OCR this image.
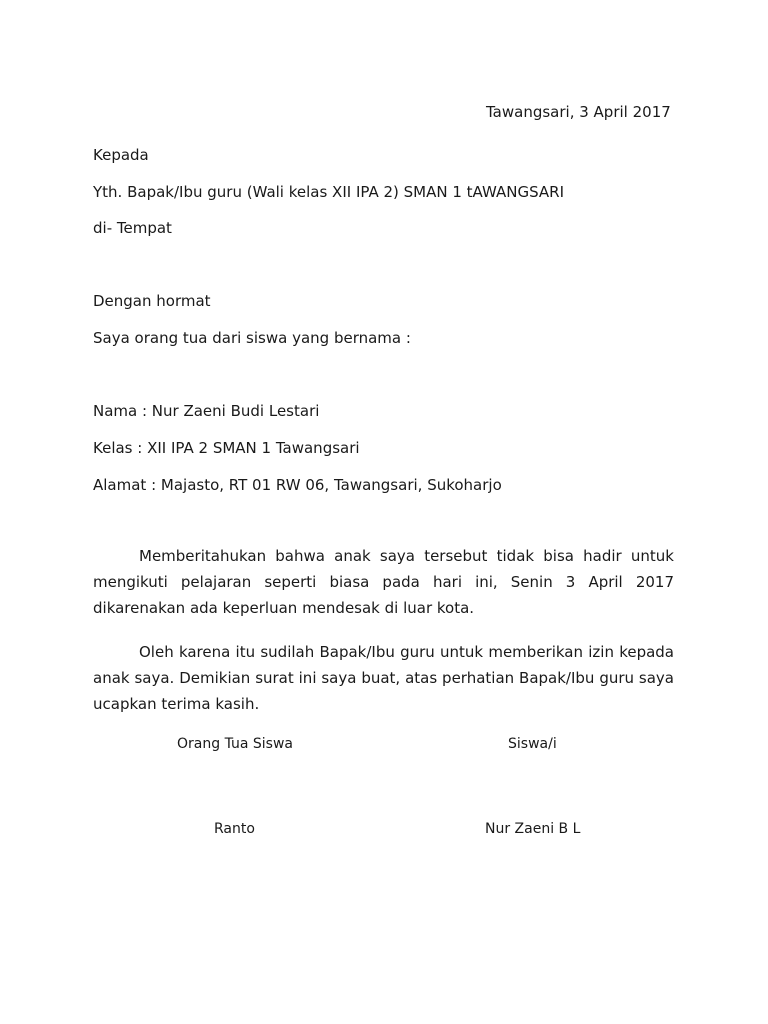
Tawangsari, 3 April 2017
Kepada
Yth. Bapak/Ibu guru (Wali kelas XII IPA 2) SMAN 1 tAWANGSARI
di- Tempat
Dengan hormat
Saya orang tua dari siswa yang bernama :
Nama : Nur Zaeni Budi Lestari
Kelas : XII IPA 2 SMAN 1 Tawangsari
Alamat : Majasto, RT 01 RW 06, Tawangsari, Sukoharjo

Memberitahukan bahwa anak saya tersebut tidak bisa hadir untuk mengikuti pelajaran seperti biasa pada hari ini, Senin 3 April 2017 dikarenakan ada keperluan mendesak di luar kota.

Oleh karena itu sudilah Bapak/Ibu guru untuk memberikan izin kepada anak saya. Demikian surat ini saya buat, atas perhatian Bapak/Ibu guru saya ucapkan terima kasih.

Orang Tua Siswa	Siswa/i
Ranto	Nur Zaeni B L
